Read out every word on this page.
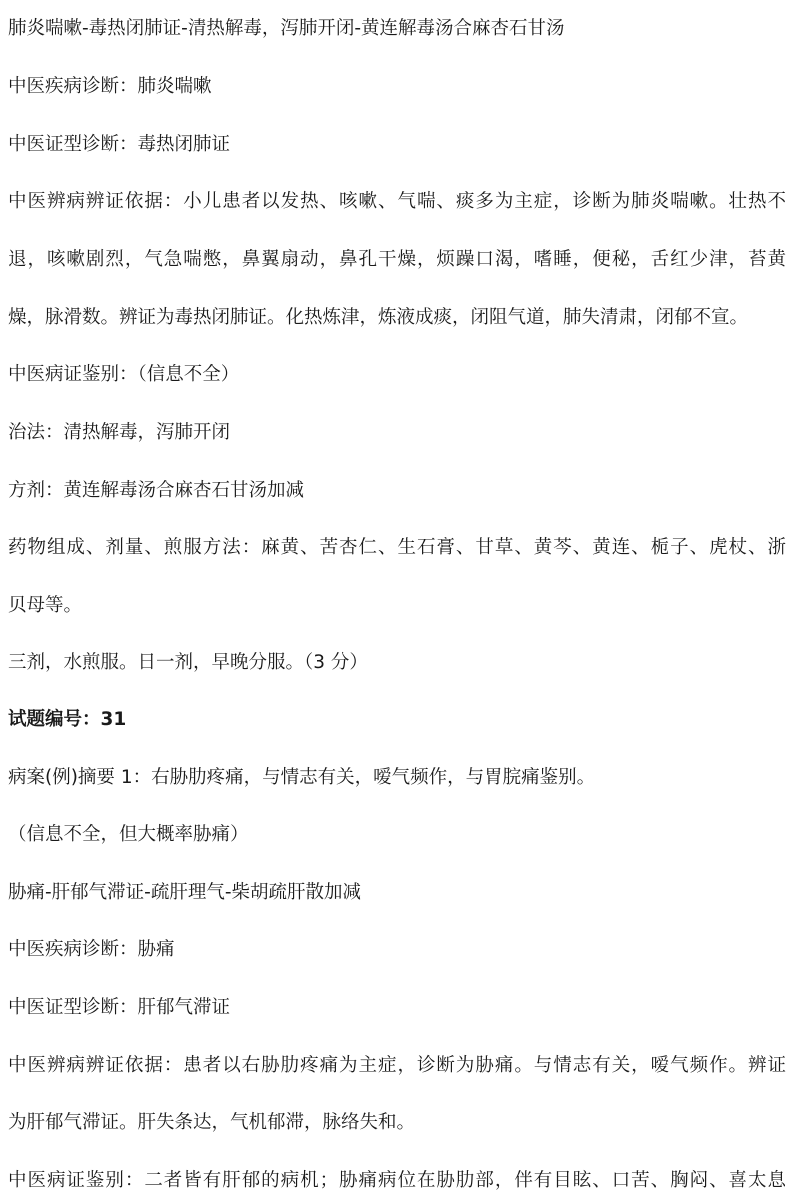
肺炎喘嗽-毒热闭肺证-清热解毒，泻肺开闭-黄连解毒汤合麻杏石甘汤
中医疾病诊断：肺炎喘嗽
中医证型诊断：毒热闭肺证
中医辨病辨证依据：小儿患者以发热、咳嗽、气喘、痰多为主症，诊断为肺炎喘嗽。壮热不
退，咳嗽剧烈，气急喘憋，鼻翼扇动，鼻孔干燥，烦躁口渴，嗜睡，便秘，舌红少津，苔黄
燥，脉滑数。辨证为毒热闭肺证。化热炼津，炼液成痰，闭阻气道，肺失清肃，闭郁不宣。
中医病证鉴别：（信息不全）
治法：清热解毒，泻肺开闭
方剂：黄连解毒汤合麻杏石甘汤加减
药物组成、剂量、煎服方法：麻黄、苦杏仁、生石膏、甘草、黄芩、黄连、栀子、虎杖、浙
贝母等。
三剂，水煎服。日一剂，早晚分服。（3 分）
试题编号：31
病案(例)摘要 1：右胁肋疼痛，与情志有关，嗳气频作，与胃脘痛鉴别。
（信息不全，但大概率胁痛）
胁痛-肝郁气滞证-疏肝理气-柴胡疏肝散加减
中医疾病诊断：胁痛
中医证型诊断：肝郁气滞证
中医辨病辨证依据：患者以右胁肋疼痛为主症，诊断为胁痛。与情志有关，嗳气频作。辨证
为肝郁气滞证。肝失条达，气机郁滞，脉络失和。
中医病证鉴别：二者皆有肝郁的病机；胁痛病位在胁肋部，伴有目眩、口苦、胸闷、喜太息
